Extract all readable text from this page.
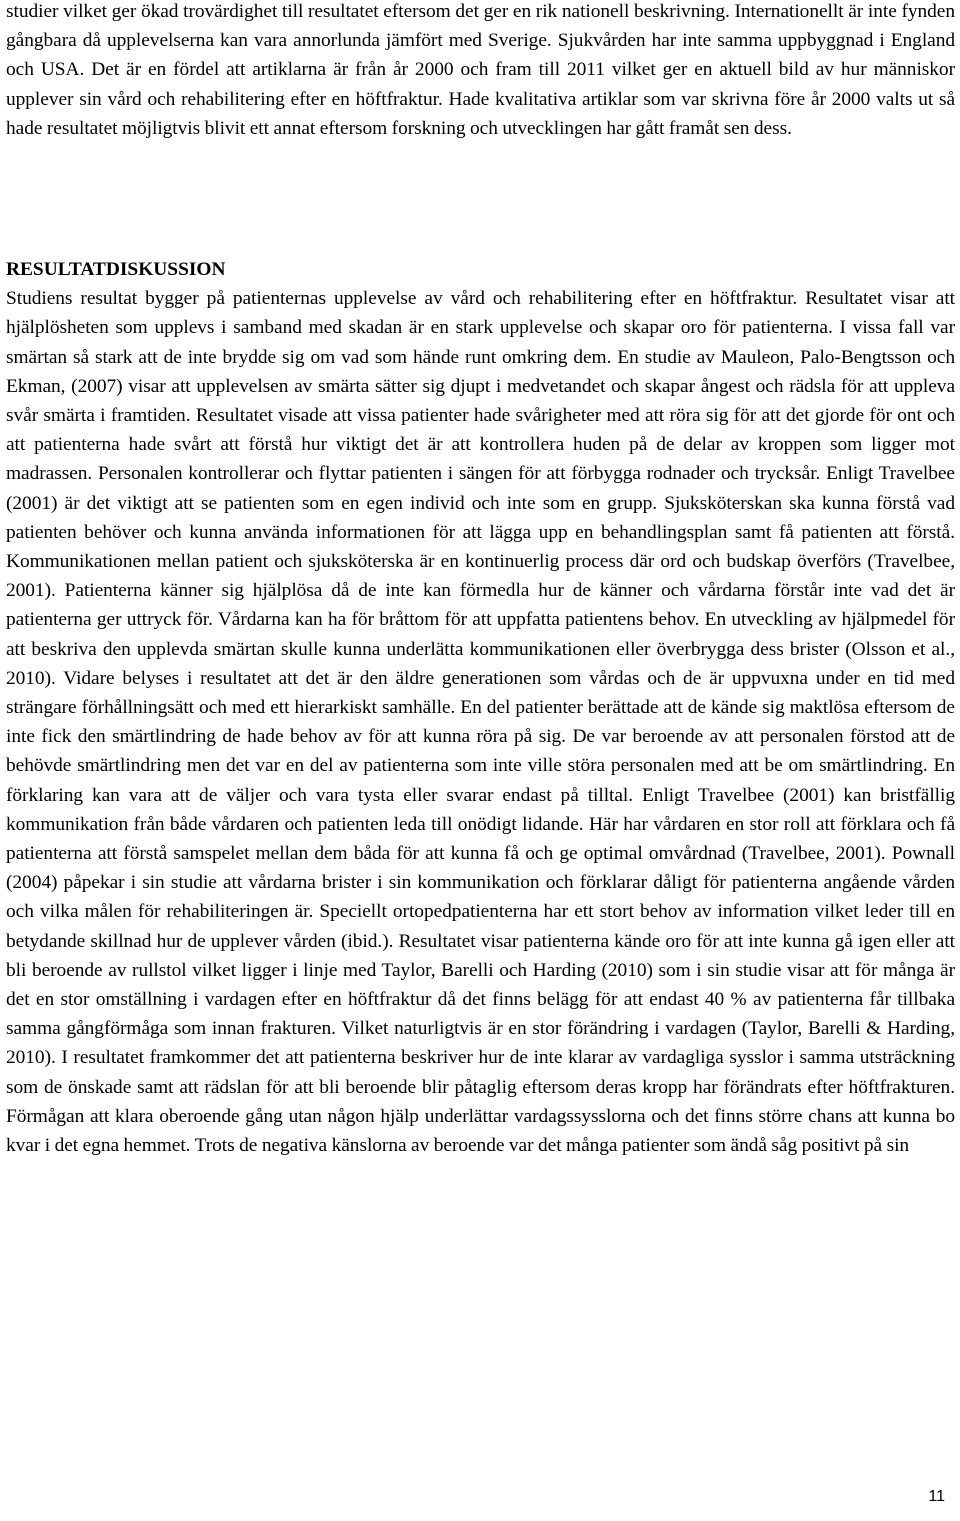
studier vilket ger ökad trovärdighet till resultatet eftersom det ger en rik nationell beskrivning. Internationellt är inte fynden gångbara då upplevelserna kan vara annorlunda jämfört med Sverige. Sjukvården har inte samma uppbyggnad i England och USA. Det är en fördel att artiklarna är från år 2000 och fram till 2011 vilket ger en aktuell bild av hur människor upplever sin vård och rehabilitering efter en höftfraktur. Hade kvalitativa artiklar som var skrivna före år 2000 valts ut så hade resultatet möjligtvis blivit ett annat eftersom forskning och utvecklingen har gått framåt sen dess.

RESULTATDISKUSSION

Studiens resultat bygger på patienternas upplevelse av vård och rehabilitering efter en höftfraktur. Resultatet visar att hjälplösheten som upplevs i samband med skadan är en stark upplevelse och skapar oro för patienterna. I vissa fall var smärtan så stark att de inte brydde sig om vad som hände runt omkring dem. En studie av Mauleon, Palo-Bengtsson och Ekman, (2007) visar att upplevelsen av smärta sätter sig djupt i medvetandet och skapar ångest och rädsla för att uppleva svår smärta i framtiden. Resultatet visade att vissa patienter hade svårigheter med att röra sig för att det gjorde för ont och att patienterna hade svårt att förstå hur viktigt det är att kontrollera huden på de delar av kroppen som ligger mot madrassen. Personalen kontrollerar och flyttar patienten i sängen för att förbygga rodnader och trycksår. Enligt Travelbee (2001) är det viktigt att se patienten som en egen individ och inte som en grupp. Sjuksköterskan ska kunna förstå vad patienten behöver och kunna använda informationen för att lägga upp en behandlingsplan samt få patienten att förstå. Kommunikationen mellan patient och sjuksköterska är en kontinuerlig process där ord och budskap överförs (Travelbee, 2001). Patienterna känner sig hjälplösa då de inte kan förmedla hur de känner och vårdarna förstår inte vad det är patienterna ger uttryck för. Vårdarna kan ha för bråttom för att uppfatta patientens behov. En utveckling av hjälpmedel för att beskriva den upplevda smärtan skulle kunna underlätta kommunikationen eller överbrygga dess brister (Olsson et al., 2010). Vidare belyses i resultatet att det är den äldre generationen som vårdas och de är uppvuxna under en tid med strängare förhållningsätt och med ett hierarkiskt samhälle. En del patienter berättade att de kände sig maktlösa eftersom de inte fick den smärtlindring de hade behov av för att kunna röra på sig. De var beroende av att personalen förstod att de behövde smärtlindring men det var en del av patienterna som inte ville störa personalen med att be om smärtlindring. En förklaring kan vara att de väljer och vara tysta eller svarar endast på tilltal. Enligt Travelbee (2001) kan bristfällig kommunikation från både vårdaren och patienten leda till onödigt lidande. Här har vårdaren en stor roll att förklara och få patienterna att förstå samspelet mellan dem båda för att kunna få och ge optimal omvårdnad (Travelbee, 2001). Pownall (2004) påpekar i sin studie att vårdarna brister i sin kommunikation och förklarar dåligt för patienterna angående vården och vilka målen för rehabiliteringen är. Speciellt ortopedpatienterna har ett stort behov av information vilket leder till en betydande skillnad hur de upplever vården (ibid.). Resultatet visar patienterna kände oro för att inte kunna gå igen eller att bli beroende av rullstol vilket ligger i linje med Taylor, Barelli och Harding (2010) som i sin studie visar att för många är det en stor omställning i vardagen efter en höftfraktur då det finns belägg för att endast 40 % av patienterna får tillbaka samma gångförmåga som innan frakturen. Vilket naturligtvis är en stor förändring i vardagen (Taylor, Barelli & Harding, 2010). I resultatet framkommer det att patienterna beskriver hur de inte klarar av vardagliga sysslor i samma utsträckning som de önskade samt att rädslan för att bli beroende blir påtaglig eftersom deras kropp har förändrats efter höftfrakturen. Förmågan att klara oberoende gång utan någon hjälp underlättar vardagssysslorna och det finns större chans att kunna bo kvar i det egna hemmet. Trots de negativa känslorna av beroende var det många patienter som ändå såg positivt på sin

11
